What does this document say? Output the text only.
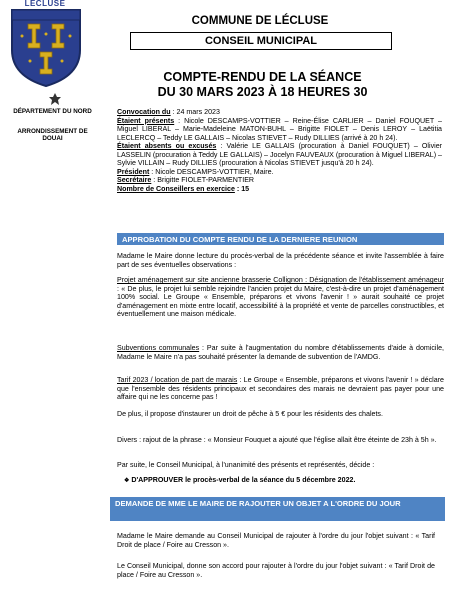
LÉCLUSE
DÉPARTEMENT DU NORD
ARRONDISSEMENT DE DOUAI
COMMUNE DE LÉCLUSE
CONSEIL MUNICIPAL
COMPTE-RENDU DE LA SÉANCE
DU 30 MARS 2023 À 18 HEURES 30
Convocation du : 24 mars 2023
Étaient présents : Nicole DESCAMPS-VOTTIER – Reine-Élise CARLIER – Daniel FOUQUET – Miguel LIBERAL – Marie-Madeleine MATON-BUHL – Brigitte FIOLET – Denis LEROY – Laëtitia LECLERCQ – Teddy LE GALLAIS – Nicolas STIEVET – Rudy DILLIES (arrivé à 20 h 24).
Étaient absents ou excusés : Valérie LE GALLAIS (procuration à Daniel FOUQUET) – Olivier LASSELIN (procuration à Teddy LE GALLAIS) – Jocelyn FAUVEAUX (procuration à Miguel LIBERAL) – Sylvie VILLAIN – Rudy DILLIES (procuration à Nicolas STIEVET jusqu'à 20 h 24).
Président : Nicole DESCAMPS-VOTTIER, Maire.
Secrétaire : Brigitte FIOLET-PARMENTIER
Nombre de Conseillers en exercice : 15
APPROBATION DU COMPTE RENDU DE LA DERNIERE REUNION
Madame le Maire donne lecture du procès-verbal de la précédente séance et invite l'assemblée à faire part de ses éventuelles observations :
Projet aménagement sur site ancienne brasserie Collignon : Désignation de l'établissement aménageur : « De plus, le projet lui semble rejoindre l'ancien projet du Maire, c'est-à-dire un projet d'aménagement 100% social. Le Groupe « Ensemble, préparons et vivons l'avenir ! » aurait souhaité ce projet d'aménagement en mixte entre locatif, accessibilité à la propriété et vente de parcelles constructibles, et éventuellement une maison médicale.
Subventions communales : Par suite à l'augmentation du nombre d'établissements d'aide à domicile, Madame le Maire n'a pas souhaité présenter la demande de subvention de l'AMDG.
Tarif 2023 / location de part de marais : Le Groupe « Ensemble, préparons et vivons l'avenir ! » déclare que l'ensemble des résidents principaux et secondaires des marais ne devraient pas payer pour une affaire qui ne les concerne pas !
De plus, il propose d'instaurer un droit de pêche à 5 € pour les résidents des chalets.
Divers : rajout de la phrase : « Monsieur Fouquet a ajouté que l'église allait être éteinte de 23h à 5h ».
Par suite, le Conseil Municipal, à l'unanimité des présents et représentés, décide :
❖ D'APPROUVER le procès-verbal de la séance du 5 décembre 2022.
DEMANDE DE MME LE MAIRE DE RAJOUTER UN OBJET A L'ORDRE DU JOUR
Madame le Maire demande au Conseil Municipal de rajouter à l'ordre du jour l'objet suivant : « Tarif Droit de place / Foire au Cresson ».
Le Conseil Municipal, donne son accord pour rajouter à l'ordre du jour l'objet suivant : « Tarif Droit de place / Foire au Cresson ».
